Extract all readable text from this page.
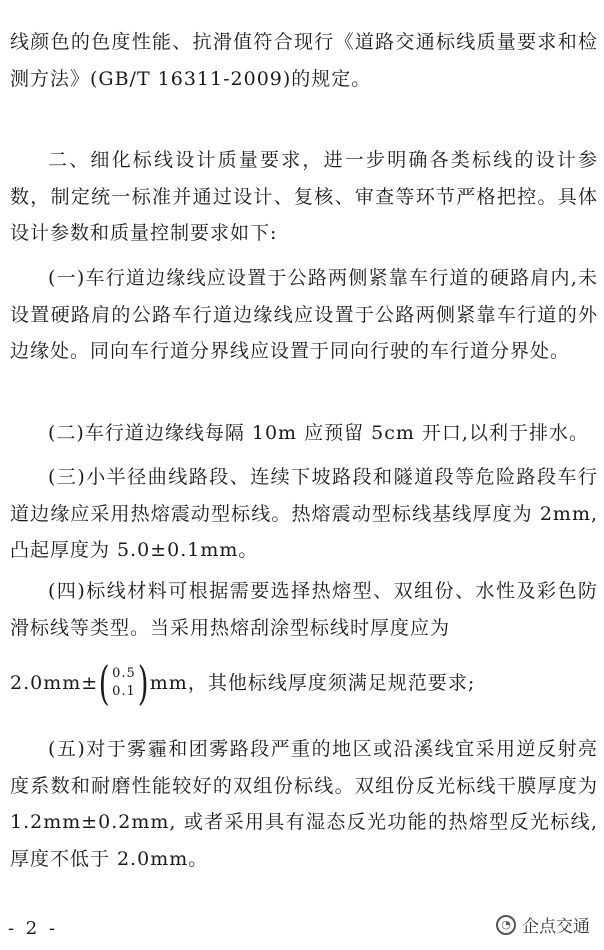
线颜色的色度性能、抗滑值符合现行《道路交通标线质量要求和检测方法》(GB/T 16311-2009)的规定。

二、细化标线设计质量要求，进一步明确各类标线的设计参数，制定统一标准并通过设计、复核、审查等环节严格把控。具体设计参数和质量控制要求如下:

(一)车行道边缘线应设置于公路两侧紧靠车行道的硬路肩内,未设置硬路肩的公路车行道边缘线应设置于公路两侧紧靠车行道的外边缘处。同向车行道分界线应设置于同向行驶的车行道分界处。

(二)车行道边缘线每隔 10m 应预留 5cm 开口,以利于排水。

(三)小半径曲线路段、连续下坡路段和隧道段等危险路段车行道边缘应采用热熔震动型标线。热熔震动型标线基线厚度为 2mm, 凸起厚度为 5.0±0.1mm。

(四)标线材料可根据需要选择热熔型、双组份、水性及彩色防滑标线等类型。当采用热熔刮涂型标线时厚度应为

2.0mm± ( 0.5
0.1 ) mm ，其他标线厚度须满足规范要求;

(五)对于雾霾和团雾路段严重的地区或沿溪线宜采用逆反射亮度系数和耐磨性能较好的双组份标线。双组份反光标线干膜厚度为 1.2mm±0.2mm, 或者采用具有湿态反光功能的热熔型反光标线, 厚度不低于 2.0mm。

- 2 -	◔ 企点交通
